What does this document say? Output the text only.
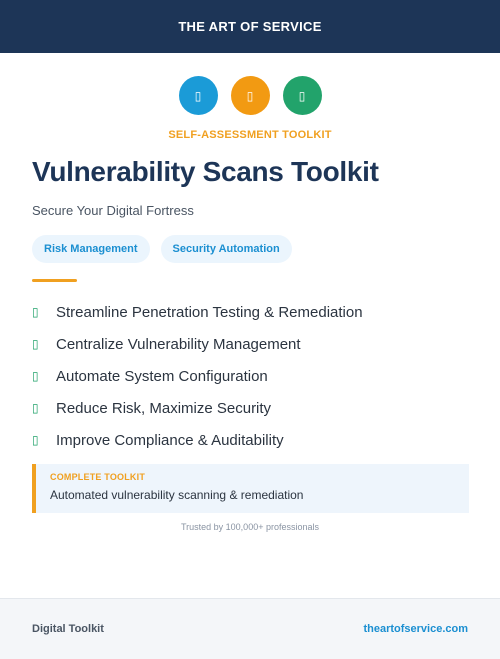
THE ART OF SERVICE
▯	▯	▯
SELF-ASSESSMENT TOOLKIT
Vulnerability Scans Toolkit
Secure Your Digital Fortress
Risk Management	Security Automation
▯	Streamline Penetration Testing & Remediation
▯	Centralize Vulnerability Management
▯	Automate System Configuration
▯	Reduce Risk, Maximize Security
▯	Improve Compliance & Auditability
COMPLETE TOOLKIT
Automated vulnerability scanning & remediation
Trusted by 100,000+ professionals
Digital Toolkit	theartofservice.com
